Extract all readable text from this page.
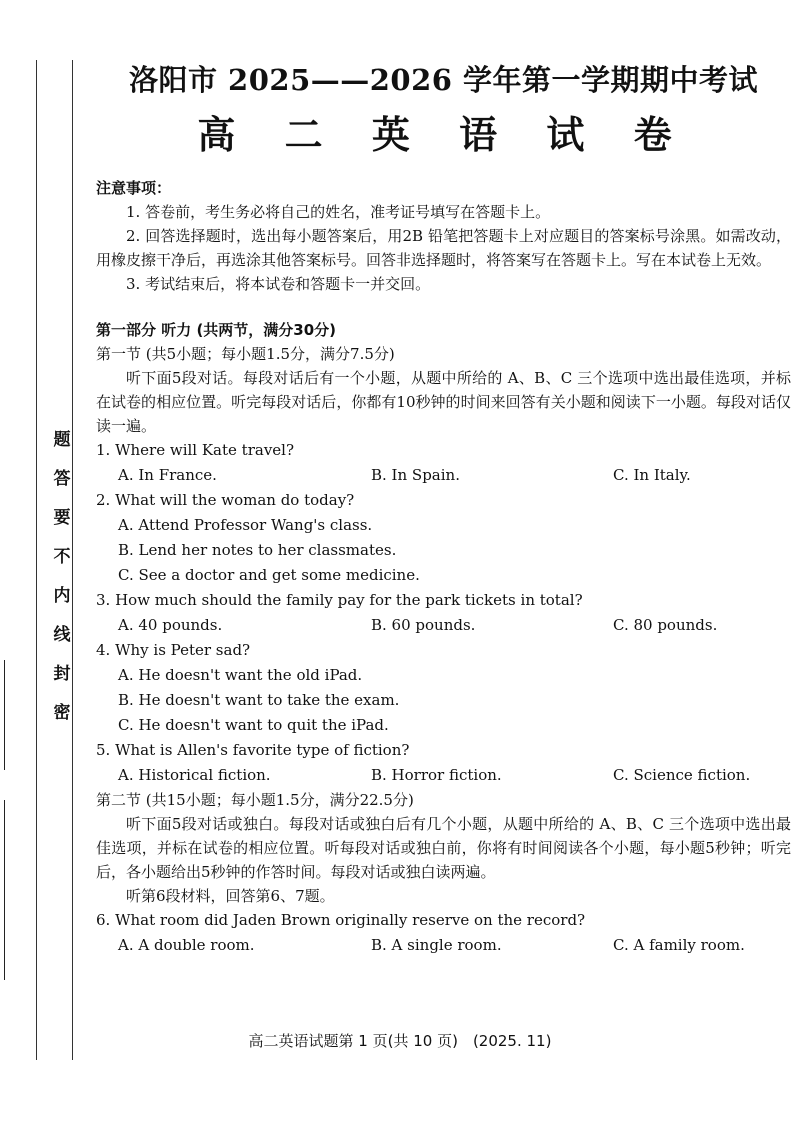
题
答
要
不
内
线
封
密
洛阳市 2025——2026 学年第一学期期中考试
高 二 英 语 试 卷

注意事项：

1. 答卷前，考生务必将自己的姓名，准考证号填写在答题卡上。

2. 回答选择题时，选出每小题答案后，用2B 铅笔把答题卡上对应题目的答案标号涂黑。如需改动，用橡皮擦干净后，再选涂其他答案标号。回答非选择题时，将答案写在答题卡上。写在本试卷上无效。

3. 考试结束后，将本试卷和答题卡一并交回。

第一部分 听力 (共两节，满分30分)

第一节 (共5小题；每小题1.5分，满分7.5分)

听下面5段对话。每段对话后有一个小题，从题中所给的 A、B、C 三个选项中选出最佳选项，并标在试卷的相应位置。听完每段对话后，你都有10秒钟的时间来回答有关小题和阅读下一小题。每段对话仅读一遍。

1. Where will Kate travel?

A. In France.	B. In Spain.	C. In Italy.

2. What will the woman do today?

A. Attend Professor Wang's class.

B. Lend her notes to her classmates.

C. See a doctor and get some medicine.

3. How much should the family pay for the park tickets in total?

A. 40 pounds.	B. 60 pounds.	C. 80 pounds.

4. Why is Peter sad?

A. He doesn't want the old iPad.

B. He doesn't want to take the exam.

C. He doesn't want to quit the iPad.

5. What is Allen's favorite type of fiction?

A. Historical fiction.	B. Horror fiction.	C. Science fiction.

第二节 (共15小题；每小题1.5分，满分22.5分)

听下面5段对话或独白。每段对话或独白后有几个小题，从题中所给的 A、B、C 三个选项中选出最佳选项，并标在试卷的相应位置。听每段对话或独白前，你将有时间阅读各个小题，每小题5秒钟；听完后，各小题给出5秒钟的作答时间。每段对话或独白读两遍。

听第6段材料，回答第6、7题。

6. What room did Jaden Brown originally reserve on the record?

A. A double room.	B. A single room.	C. A family room.
高二英语试题第 1 页(共 10 页)　(2025. 11)
